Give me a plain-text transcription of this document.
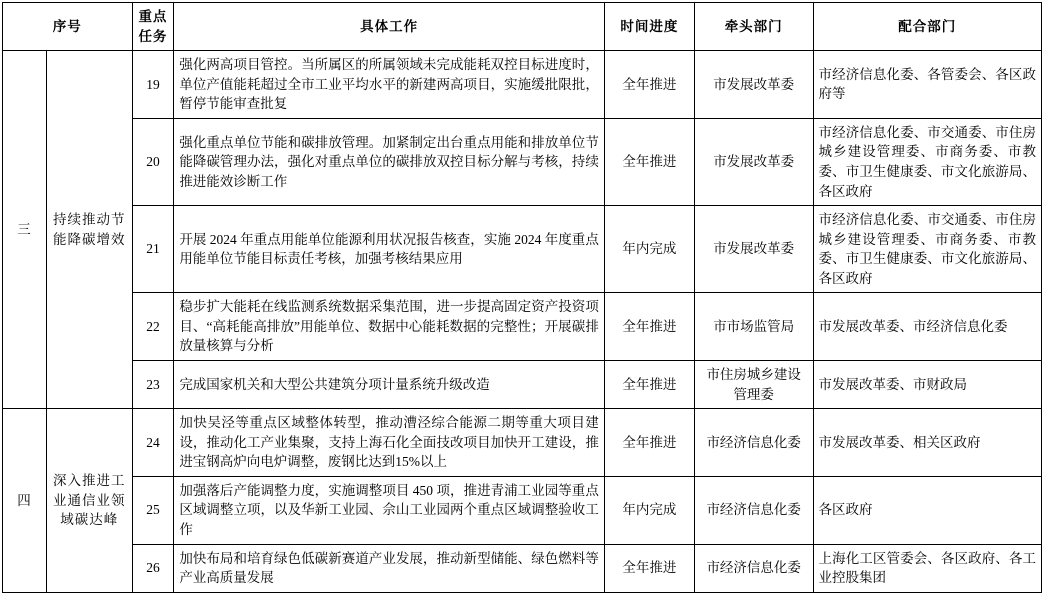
序号		重点任务	具体工作	时间进度	牵头部门	配合部门
三	持续推动节能降碳增效	19	强化两高项目管控。当所属区的所属领域未完成能耗双控目标进度时，单位产值能耗超过全市工业平均水平的新建两高项目，实施缓批限批，暂停节能审查批复	全年推进	市发展改革委	市经济信息化委、各管委会、各区政府等
		20	强化重点单位节能和碳排放管理。加紧制定出台重点用能和排放单位节能降碳管理办法，强化对重点单位的碳排放双控目标分解与考核，持续推进能效诊断工作	全年推进	市发展改革委	市经济信息化委、市交通委、市住房城乡建设管理委、市商务委、市教委、市卫生健康委、市文化旅游局、各区政府
		21	开展 2024 年重点用能单位能源利用状况报告核查，实施 2024 年度重点用能单位节能目标责任考核，加强考核结果应用	年内完成	市发展改革委	市经济信息化委、市交通委、市住房城乡建设管理委、市商务委、市教委、市卫生健康委、市文化旅游局、各区政府
		22	稳步扩大能耗在线监测系统数据采集范围，进一步提高固定资产投资项目、“高耗能高排放”用能单位、数据中心能耗数据的完整性；开展碳排放量核算与分析	全年推进	市市场监管局	市发展改革委、市经济信息化委
		23	完成国家机关和大型公共建筑分项计量系统升级改造	全年推进	市住房城乡建设管理委	市发展改革委、市财政局
四	深入推进工业通信业领域碳达峰	24	加快吴泾等重点区域整体转型，推动漕泾综合能源二期等重大项目建设，推动化工产业集聚，支持上海石化全面技改项目加快开工建设，推进宝钢高炉向电炉调整，废钢比达到15%以上	全年推进	市经济信息化委	市发展改革委、相关区政府
		25	加强落后产能调整力度，实施调整项目 450 项，推进青浦工业园等重点区域调整立项，以及华新工业园、佘山工业园两个重点区域调整验收工作	年内完成	市经济信息化委	各区政府
		26	加快布局和培育绿色低碳新赛道产业发展，推动新型储能、绿色燃料等产业高质量发展	全年推进	市经济信息化委	上海化工区管委会、各区政府、各工业控股集团
